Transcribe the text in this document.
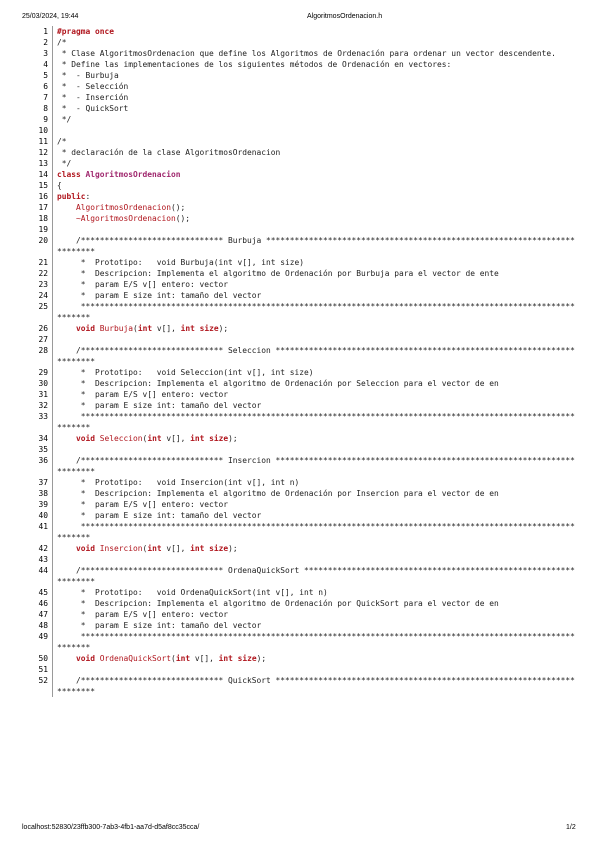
25/03/2024, 19:44	AlgoritmosOrdenacion.h
1	#pragma once
2	/*
3	* Clase AlgoritmosOrdenacion que define los Algoritmos de Ordenación para ordenar un vector descendente.
4	* Define las implementaciones de los siguientes métodos de Ordenación en vectores:
5	*  - Burbuja
6	*  - Selección
7	*  - Inserción
8	*  - QuickSort
9	*/
10
11	/*
12	* declaración de la clase AlgoritmosOrdenacion
13	*/
14	class AlgoritmosOrdenacion
15	{
16	public:
17	AlgoritmosOrdenacion();
18	~AlgoritmosOrdenacion();
19
20	/****************************** Burbuja *************************************************************************
21	*  Prototipo:   void Burbuja(int v[], int size)
22	*  Descripcion: Implementa el algoritmo de Ordenación por Burbuja para el vector de ente
23	*  param E/S v[] entero: vector
24	*  param E size int: tamaño del vector
25	***************************************************************************************************************
26	void Burbuja(int v[], int size);
27
28	/****************************** Seleccion ***********************************************************************
29	*  Prototipo:   void Seleccion(int v[], int size)
30	*  Descripcion: Implementa el algoritmo de Ordenación por Seleccion para el vector de en
31	*  param E/S v[] entero: vector
32	*  param E size int: tamaño del vector
33	***************************************************************************************************************
34	void Seleccion(int v[], int size);
35
36	/****************************** Insercion ***********************************************************************
37	*  Prototipo:   void Insercion(int v[], int n)
38	*  Descripcion: Implementa el algoritmo de Ordenación por Insercion para el vector de en
39	*  param E/S v[] entero: vector
40	*  param E size int: tamaño del vector
41	***************************************************************************************************************
42	void Insercion(int v[], int size);
43
44	/****************************** OrdenaQuickSort *****************************************************************
45	*  Prototipo:   void OrdenaQuickSort(int v[], int n)
46	*  Descripcion: Implementa el algoritmo de Ordenación por QuickSort para el vector de en
47	*  param E/S v[] entero: vector
48	*  param E size int: tamaño del vector
49	***************************************************************************************************************
50	void OrdenaQuickSort(int v[], int size);
51
52	/****************************** QuickSort ***********************************************************************
localhost:52830/23ffb300-7ab3-4fb1-aa7d-d5af8cc35cca/	1/2
